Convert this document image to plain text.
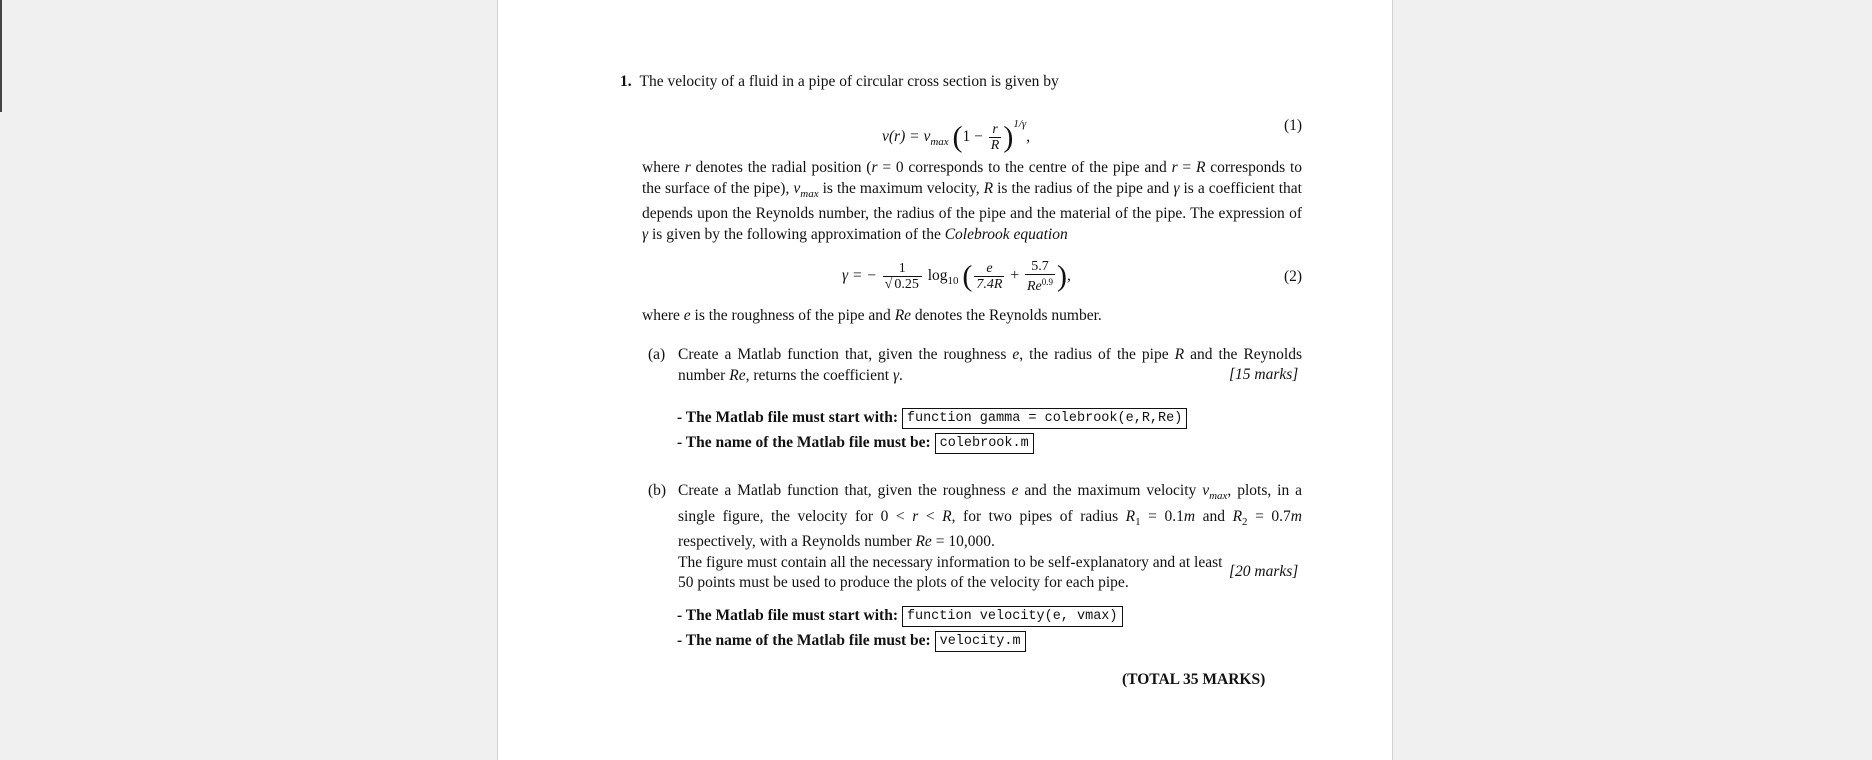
1. The velocity of a fluid in a pipe of circular cross section is given by
$v(r) = v_{max}$ $(1 - \frac{r}{R} )^{1/\gamma}$,
(1)

where r denotes the radial position (r = 0 corresponds to the centre of the pipe and r = R corresponds to the surface of the pipe), $v_{max}$ is the maximum velocity, R is the radius of the pipe and γ is a coefficient that depends upon the Reynolds number, the radius of the pipe and the material of the pipe. The expression of γ is given by the following approximation of the Colebrook equation

γ = − $\frac{1}{√ 0.25} \log_{10}$ ( $\frac{e}{7.4R} + \frac{5.7}{Re^{0.9}}$ ),	(2)
where e is the roughness of the pipe and Re denotes the Reynolds number.
(a) Create a Matlab function that, given the roughness e, the radius of the pipe R and the Reynolds number Re, returns the coefficient γ.	[15 marks]
- The Matlab file must start with: function gamma = colebrook(e,R,Re)
- The name of the Matlab file must be: colebrook.m
(b) Create a Matlab function that, given the roughness e and the maximum velocity $v_{max}$, plots, in a single figure, the velocity for 0 < r < R, for two pipes of radius $R_1 = 0.1m$ and $R_2 = 0.7m$ respectively, with a Reynolds number Re = 10,000.

The figure must contain all the necessary information to be self-explanatory and at least 50 points must be used to produce the plots of the velocity for each pipe.

[20 marks]
- The Matlab file must start with: function velocity(e, vmax)
- The name of the Matlab file must be: velocity.m
(TOTAL 35 MARKS)
